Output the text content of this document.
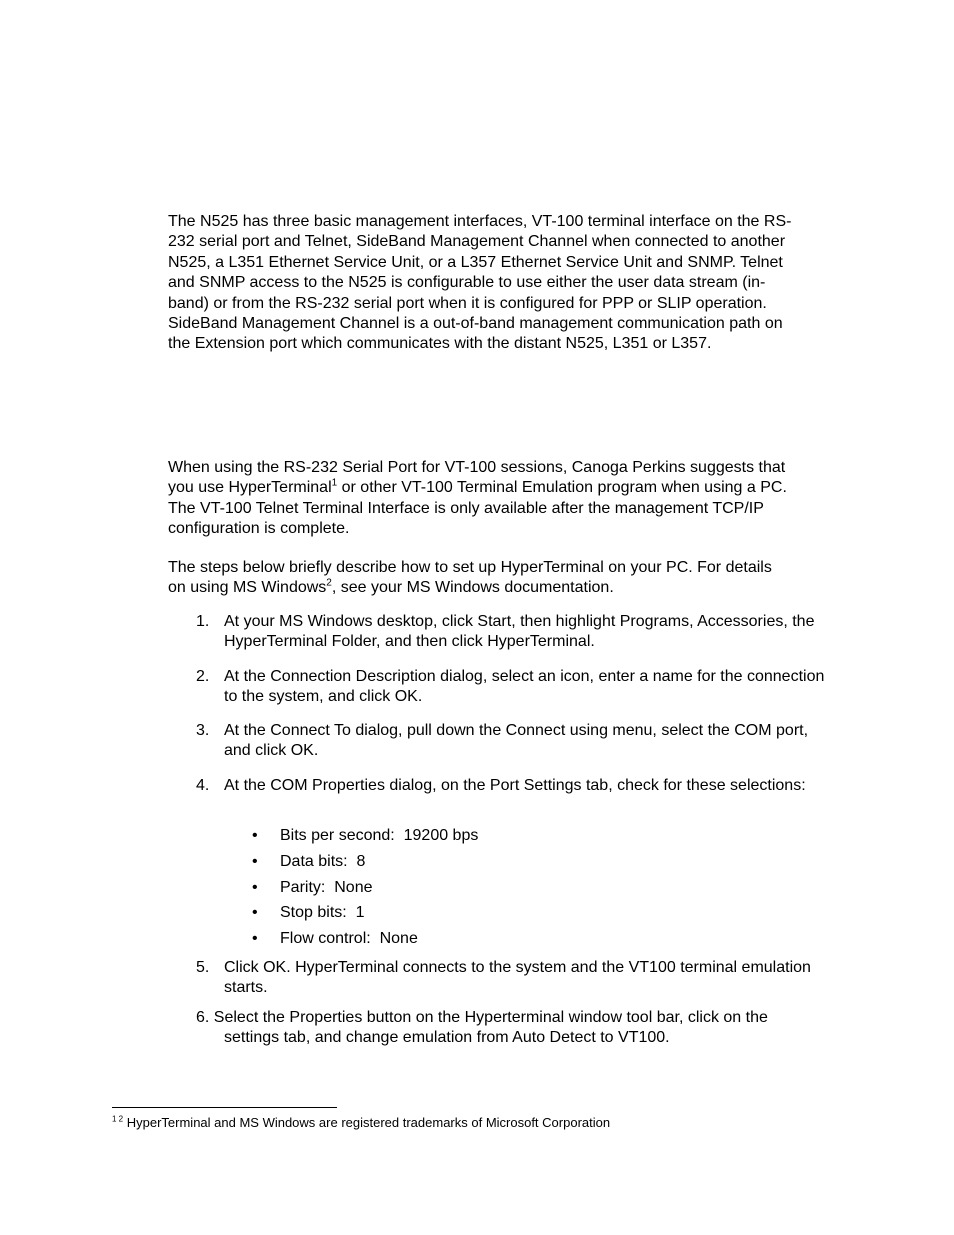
The N525 has three basic management interfaces, VT-100 terminal interface on the RS-
232 serial port and Telnet, SideBand Management Channel when connected to another
N525, a L351 Ethernet Service Unit, or a L357 Ethernet Service Unit and SNMP. Telnet
and SNMP access to the N525 is configurable to use either the user data stream (in-
band) or from the RS-232 serial port when it is configured for PPP or SLIP operation.
SideBand Management Channel is a out-of-band management communication path on
the Extension port which communicates with the distant N525, L351 or L357.
When using the RS-232 Serial Port for VT-100 sessions, Canoga Perkins suggests that
you use HyperTerminal$^1$ or other VT-100 Terminal Emulation program when using a PC.
The VT-100 Telnet Terminal Interface is only available after the management TCP/IP
configuration is complete.
The steps below briefly describe how to set up HyperTerminal on your PC. For details
on using MS Windows$^2$, see your MS Windows documentation.
1. At your MS Windows desktop, click Start, then highlight Programs, Accessories, the HyperTerminal Folder, and then click HyperTerminal.
2. At the Connection Description dialog, select an icon, enter a name for the connection to the system, and click OK.
3. At the Connect To dialog, pull down the Connect using menu, select the COM port, and click OK.
4. At the COM Properties dialog, on the Port Settings tab, check for these selections:
• Bits per second:  19200 bps
• Data bits:  8
• Parity:  None
• Stop bits:  1
• Flow control:  None
5. Click OK. HyperTerminal connects to the system and the VT100 terminal emulation starts.
6. Select the Properties button on the Hyperterminal window tool bar, click on the
settings tab, and change emulation from Auto Detect to VT100.
$^{1 2}$ HyperTerminal and MS Windows are registered trademarks of Microsoft Corporation
